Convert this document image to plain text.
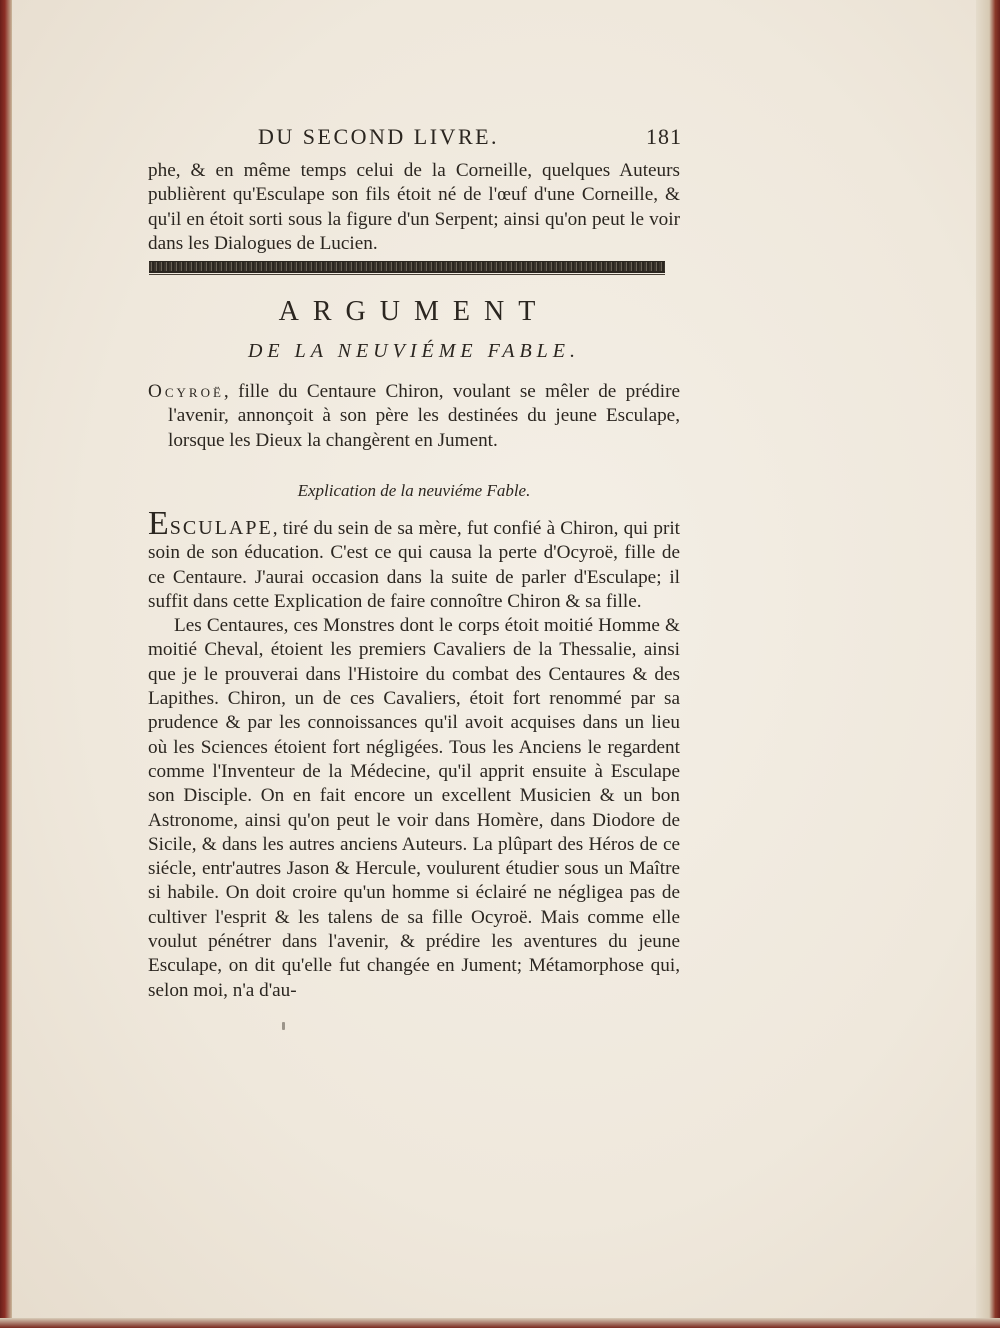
DU SECOND LIVRE.	181
phe, & en même temps celui de la Corneille, quelques Auteurs publièrent qu'Esculape son fils étoit né de l'œuf d'une Corneille, & qu'il en étoit sorti sous la figure d'un Serpent; ainsi qu'on peut le voir dans les Dialogues de Lucien.
ARGUMENT
DE LA NEUVIÉME FABLE.
Ocyroë, fille du Centaure Chiron, voulant se mêler de prédire l'avenir, annonçoit à son père les destinées du jeune Esculape, lorsque les Dieux la changèrent en Jument.
Explication de la neuviéme Fable.

ESCULAPE, tiré du sein de sa mère, fut confié à Chiron, qui prit soin de son éducation. C'est ce qui causa la perte d'Ocyroë, fille de ce Centaure. J'aurai occasion dans la suite de parler d'Esculape; il suffit dans cette Explication de faire connoître Chiron & sa fille.

Les Centaures, ces Monstres dont le corps étoit moitié Homme & moitié Cheval, étoient les premiers Cavaliers de la Thessalie, ainsi que je le prouverai dans l'Histoire du combat des Centaures & des Lapithes. Chiron, un de ces Cavaliers, étoit fort renommé par sa prudence & par les connoissances qu'il avoit acquises dans un lieu où les Sciences étoient fort négligées. Tous les Anciens le regardent comme l'Inventeur de la Médecine, qu'il apprit ensuite à Esculape son Disciple. On en fait encore un excellent Musicien & un bon Astronome, ainsi qu'on peut le voir dans Homère, dans Diodore de Sicile, & dans les autres anciens Auteurs. La plûpart des Héros de ce siécle, entr'autres Jason & Hercule, voulurent étudier sous un Maître si habile. On doit croire qu'un homme si éclairé ne négligea pas de cultiver l'esprit & les talens de sa fille Ocyroë. Mais comme elle voulut pénétrer dans l'avenir, & prédire les aventures du jeune Esculape, on dit qu'elle fut changée en Jument; Métamorphose qui, selon moi, n'a d'au-
